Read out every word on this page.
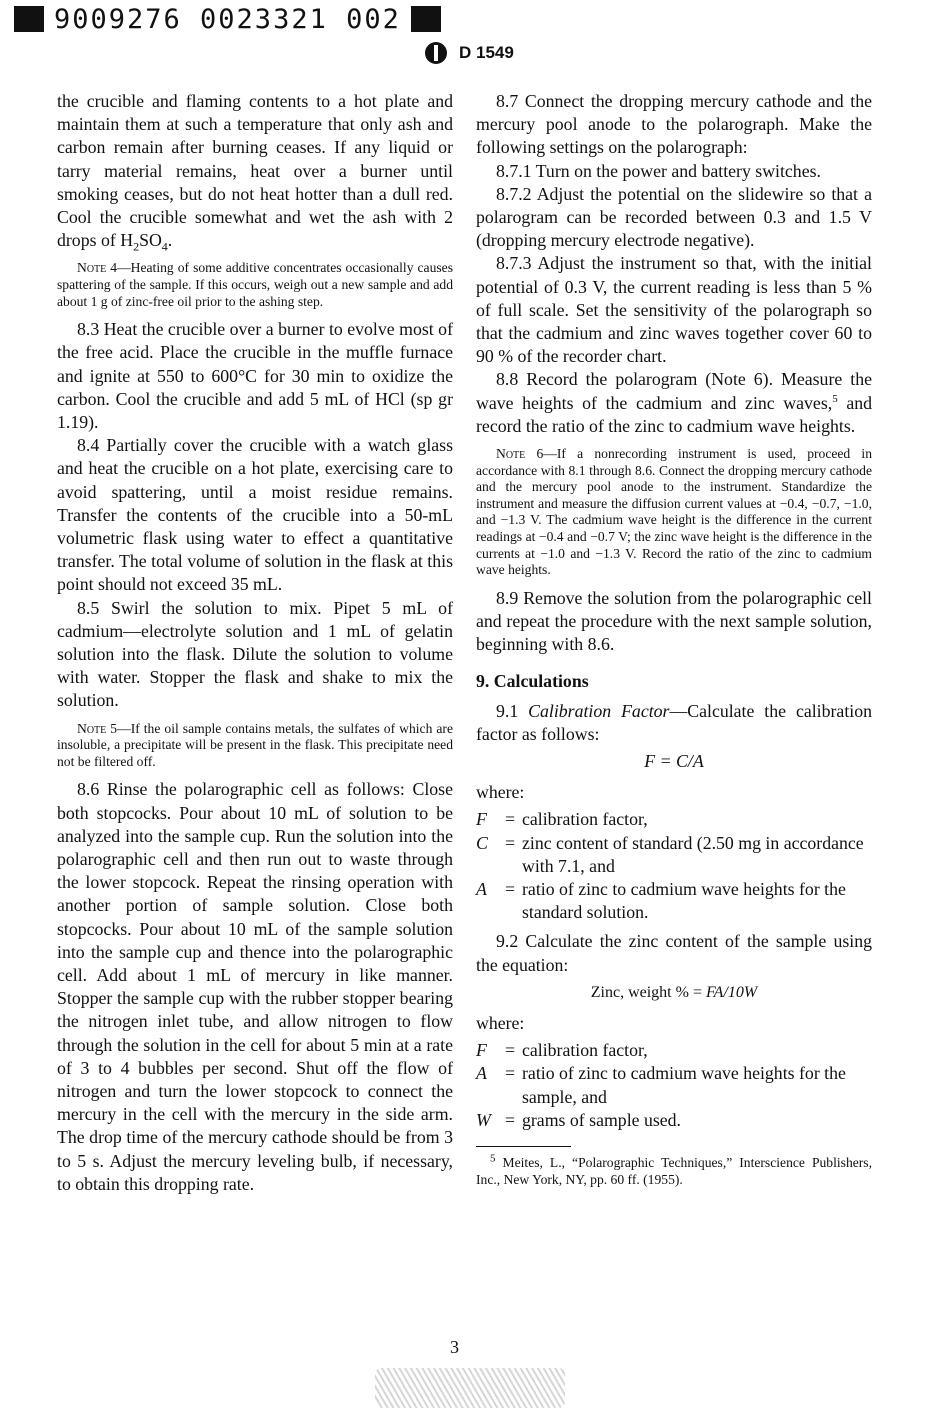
9009276 0023321 002
D 1549

the crucible and flaming contents to a hot plate and maintain them at such a temperature that only ash and carbon remain after burning ceases. If any liquid or tarry material remains, heat over a burner until smoking ceases, but do not heat hotter than a dull red. Cool the crucible somewhat and wet the ash with 2 drops of $H_2SO_4$.

Note 4—Heating of some additive concentrates occasionally causes spattering of the sample. If this occurs, weigh out a new sample and add about 1 g of zinc-free oil prior to the ashing step.

8.3 Heat the crucible over a burner to evolve most of the free acid. Place the crucible in the muffle furnace and ignite at 550 to 600°C for 30 min to oxidize the carbon. Cool the crucible and add 5 mL of HCl (sp gr 1.19).

8.4 Partially cover the crucible with a watch glass and heat the crucible on a hot plate, exercising care to avoid spattering, until a moist residue remains. Transfer the contents of the crucible into a 50-mL volumetric flask using water to effect a quantitative transfer. The total volume of solution in the flask at this point should not exceed 35 mL.

8.5 Swirl the solution to mix. Pipet 5 mL of cadmium—electrolyte solution and 1 mL of gelatin solution into the flask. Dilute the solution to volume with water. Stopper the flask and shake to mix the solution.

Note 5—If the oil sample contains metals, the sulfates of which are insoluble, a precipitate will be present in the flask. This precipitate need not be filtered off.

8.6 Rinse the polarographic cell as follows: Close both stopcocks. Pour about 10 mL of solution to be analyzed into the sample cup. Run the solution into the polarographic cell and then run out to waste through the lower stopcock. Repeat the rinsing operation with another portion of sample solution. Close both stopcocks. Pour about 10 mL of the sample solution into the sample cup and thence into the polarographic cell. Add about 1 mL of mercury in like manner. Stopper the sample cup with the rubber stopper bearing the nitrogen inlet tube, and allow nitrogen to flow through the solution in the cell for about 5 min at a rate of 3 to 4 bubbles per second. Shut off the flow of nitrogen and turn the lower stopcock to connect the mercury in the cell with the mercury in the side arm. The drop time of the mercury cathode should be from 3 to 5 s. Adjust the mercury leveling bulb, if necessary, to obtain this dropping rate.

8.7 Connect the dropping mercury cathode and the mercury pool anode to the polarograph. Make the following settings on the polarograph:

8.7.1 Turn on the power and battery switches.

8.7.2 Adjust the potential on the slidewire so that a polarogram can be recorded between 0.3 and 1.5 V (dropping mercury electrode negative).

8.7.3 Adjust the instrument so that, with the initial potential of 0.3 V, the current reading is less than 5 % of full scale. Set the sensitivity of the polarograph so that the cadmium and zinc waves together cover 60 to 90 % of the recorder chart.

8.8 Record the polarogram (Note 6). Measure the wave heights of the cadmium and zinc waves,$^5$ and record the ratio of the zinc to cadmium wave heights.

Note 6—If a nonrecording instrument is used, proceed in accordance with 8.1 through 8.6. Connect the dropping mercury cathode and the mercury pool anode to the instrument. Standardize the instrument and measure the diffusion current values at −0.4, −0.7, −1.0, and −1.3 V. The cadmium wave height is the difference in the current readings at −0.4 and −0.7 V; the zinc wave height is the difference in the currents at −1.0 and −1.3 V. Record the ratio of the zinc to cadmium wave heights.

8.9 Remove the solution from the polarographic cell and repeat the procedure with the next sample solution, beginning with 8.6.

9. Calculations

9.1 Calibration Factor—Calculate the calibration factor as follows:

F = C/A

where:

F	= calibration factor,
C = zinc content of standard (2.50 mg in accordance with 7.1, and
A	= ratio of zinc to cadmium wave heights for the standard solution.

9.2 Calculate the zinc content of the sample using the equation:

Zinc, weight % = FA/10W

where:

F	= calibration factor,
A	= ratio of zinc to cadmium wave heights for the sample, and
W = grams of sample used.

$^5$ Meites, L., “Polarographic Techniques,” Interscience Publishers, Inc., New York, NY, pp. 60 ff. (1955).

3
